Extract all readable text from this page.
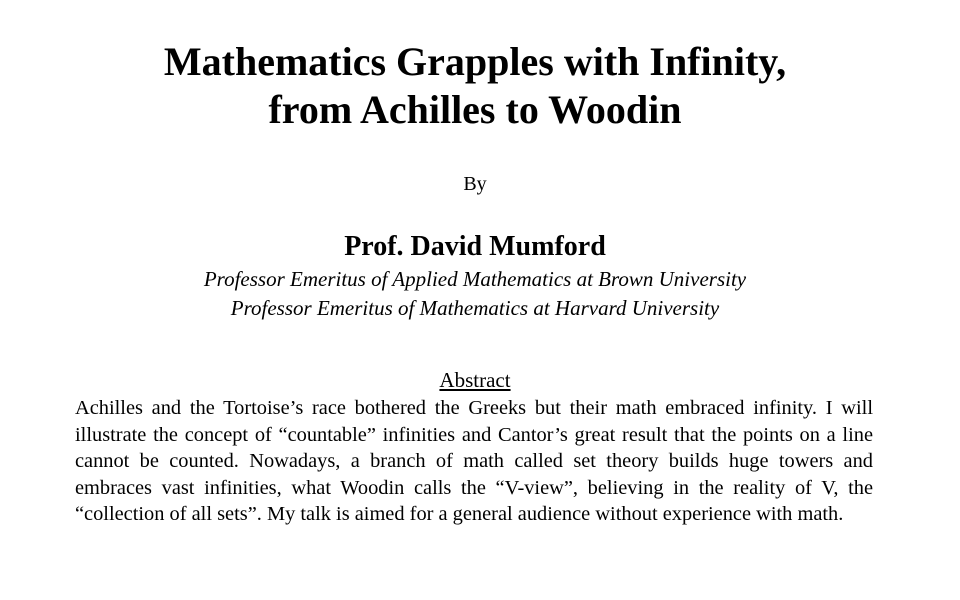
Mathematics Grapples with Infinity,
from Achilles to Woodin

By

Prof. David Mumford

Professor Emeritus of Applied Mathematics at Brown University
Professor Emeritus of Mathematics at Harvard University

Abstract

Achilles and the Tortoise’s race bothered the Greeks but their math embraced infinity. I will illustrate the concept of “countable” infinities and Cantor’s great result that the points on a line cannot be counted. Nowadays, a branch of math called set theory builds huge towers and embraces vast infinities, what Woodin calls the “V-view”, believing in the reality of V, the “collection of all sets”. My talk is aimed for a general audience without experience with math.
